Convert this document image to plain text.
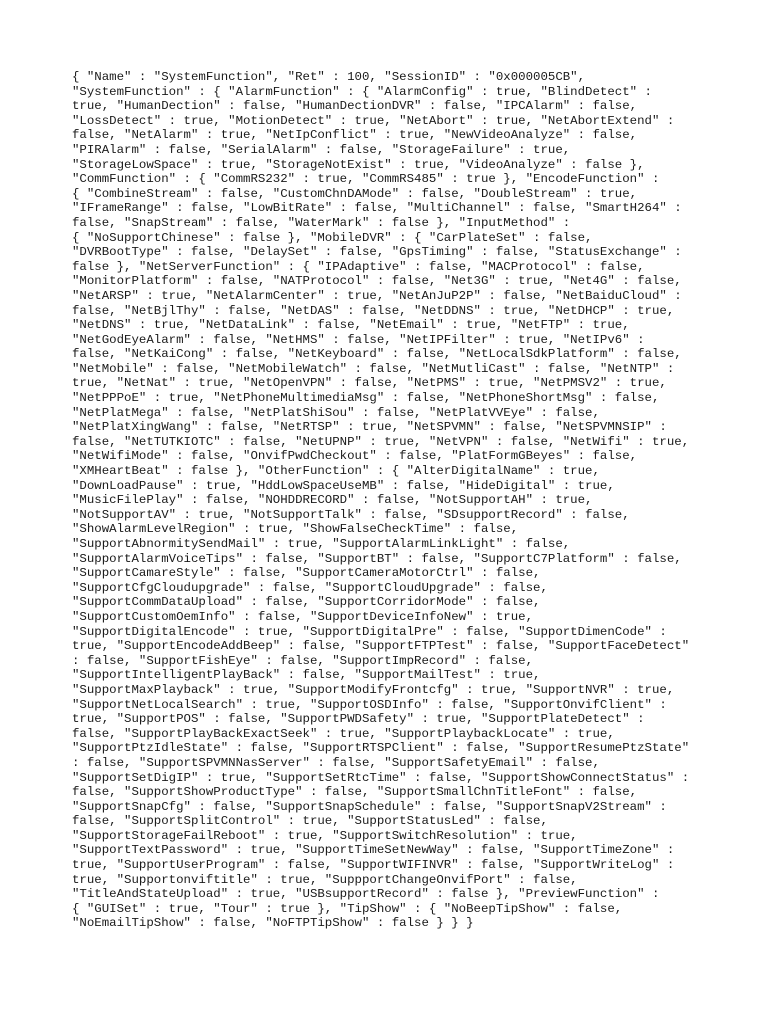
{ "Name" : "SystemFunction", "Ret" : 100, "SessionID" : "0x000005CB",
"SystemFunction" : { "AlarmFunction" : { "AlarmConfig" : true, "BlindDetect" :
true, "HumanDection" : false, "HumanDectionDVR" : false, "IPCAlarm" : false,
"LossDetect" : true, "MotionDetect" : true, "NetAbort" : true, "NetAbortExtend" :
false, "NetAlarm" : true, "NetIpConflict" : true, "NewVideoAnalyze" : false,
"PIRAlarm" : false, "SerialAlarm" : false, "StorageFailure" : true,
"StorageLowSpace" : true, "StorageNotExist" : true, "VideoAnalyze" : false },
"CommFunction" : { "CommRS232" : true, "CommRS485" : true }, "EncodeFunction" :
{ "CombineStream" : false, "CustomChnDAMode" : false, "DoubleStream" : true,
"IFrameRange" : false, "LowBitRate" : false, "MultiChannel" : false, "SmartH264" :
false, "SnapStream" : false, "WaterMark" : false }, "InputMethod" :
{ "NoSupportChinese" : false }, "MobileDVR" : { "CarPlateSet" : false,
"DVRBootType" : false, "DelaySet" : false, "GpsTiming" : false, "StatusExchange" :
false }, "NetServerFunction" : { "IPAdaptive" : false, "MACProtocol" : false,
"MonitorPlatform" : false, "NATProtocol" : false, "Net3G" : true, "Net4G" : false,
"NetARSP" : true, "NetAlarmCenter" : true, "NetAnJuP2P" : false, "NetBaiduCloud" :
false, "NetBjlThy" : false, "NetDAS" : false, "NetDDNS" : true, "NetDHCP" : true,
"NetDNS" : true, "NetDataLink" : false, "NetEmail" : true, "NetFTP" : true,
"NetGodEyeAlarm" : false, "NetHMS" : false, "NetIPFilter" : true, "NetIPv6" :
false, "NetKaiCong" : false, "NetKeyboard" : false, "NetLocalSdkPlatform" : false,
"NetMobile" : false, "NetMobileWatch" : false, "NetMutliCast" : false, "NetNTP" :
true, "NetNat" : true, "NetOpenVPN" : false, "NetPMS" : true, "NetPMSV2" : true,
"NetPPPoE" : true, "NetPhoneMultimediaMsg" : false, "NetPhoneShortMsg" : false,
"NetPlatMega" : false, "NetPlatShiSou" : false, "NetPlatVVEye" : false,
"NetPlatXingWang" : false, "NetRTSP" : true, "NetSPVMN" : false, "NetSPVMNSIP" :
false, "NetTUTKIOTC" : false, "NetUPNP" : true, "NetVPN" : false, "NetWifi" : true,
"NetWifiMode" : false, "OnvifPwdCheckout" : false, "PlatFormGBeyes" : false,
"XMHeartBeat" : false }, "OtherFunction" : { "AlterDigitalName" : true,
"DownLoadPause" : true, "HddLowSpaceUseMB" : false, "HideDigital" : true,
"MusicFilePlay" : false, "NOHDDRECORD" : false, "NotSupportAH" : true,
"NotSupportAV" : true, "NotSupportTalk" : false, "SDsupportRecord" : false,
"ShowAlarmLevelRegion" : true, "ShowFalseCheckTime" : false,
"SupportAbnormitySendMail" : true, "SupportAlarmLinkLight" : false,
"SupportAlarmVoiceTips" : false, "SupportBT" : false, "SupportC7Platform" : false,
"SupportCamareStyle" : false, "SupportCameraMotorCtrl" : false,
"SupportCfgCloudupgrade" : false, "SupportCloudUpgrade" : false,
"SupportCommDataUpload" : false, "SupportCorridorMode" : false,
"SupportCustomOemInfo" : false, "SupportDeviceInfoNew" : true,
"SupportDigitalEncode" : true, "SupportDigitalPre" : false, "SupportDimenCode" :
true, "SupportEncodeAddBeep" : false, "SupportFTPTest" : false, "SupportFaceDetect"
: false, "SupportFishEye" : false, "SupportImpRecord" : false,
"SupportIntelligentPlayBack" : false, "SupportMailTest" : true,
"SupportMaxPlayback" : true, "SupportModifyFrontcfg" : true, "SupportNVR" : true,
"SupportNetLocalSearch" : true, "SupportOSDInfo" : false, "SupportOnvifClient" :
true, "SupportPOS" : false, "SupportPWDSafety" : true, "SupportPlateDetect" :
false, "SupportPlayBackExactSeek" : true, "SupportPlaybackLocate" : true,
"SupportPtzIdleState" : false, "SupportRTSPClient" : false, "SupportResumePtzState"
: false, "SupportSPVMNNasServer" : false, "SupportSafetyEmail" : false,
"SupportSetDigIP" : true, "SupportSetRtcTime" : false, "SupportShowConnectStatus" :
false, "SupportShowProductType" : false, "SupportSmallChnTitleFont" : false,
"SupportSnapCfg" : false, "SupportSnapSchedule" : false, "SupportSnapV2Stream" :
false, "SupportSplitControl" : true, "SupportStatusLed" : false,
"SupportStorageFailReboot" : true, "SupportSwitchResolution" : true,
"SupportTextPassword" : true, "SupportTimeSetNewWay" : false, "SupportTimeZone" :
true, "SupportUserProgram" : false, "SupportWIFINVR" : false, "SupportWriteLog" :
true, "Supportonviftitle" : true, "SuppportChangeOnvifPort" : false,
"TitleAndStateUpload" : true, "USBsupportRecord" : false }, "PreviewFunction" :
{ "GUISet" : true, "Tour" : true }, "TipShow" : { "NoBeepTipShow" : false,
"NoEmailTipShow" : false, "NoFTPTipShow" : false } } }
